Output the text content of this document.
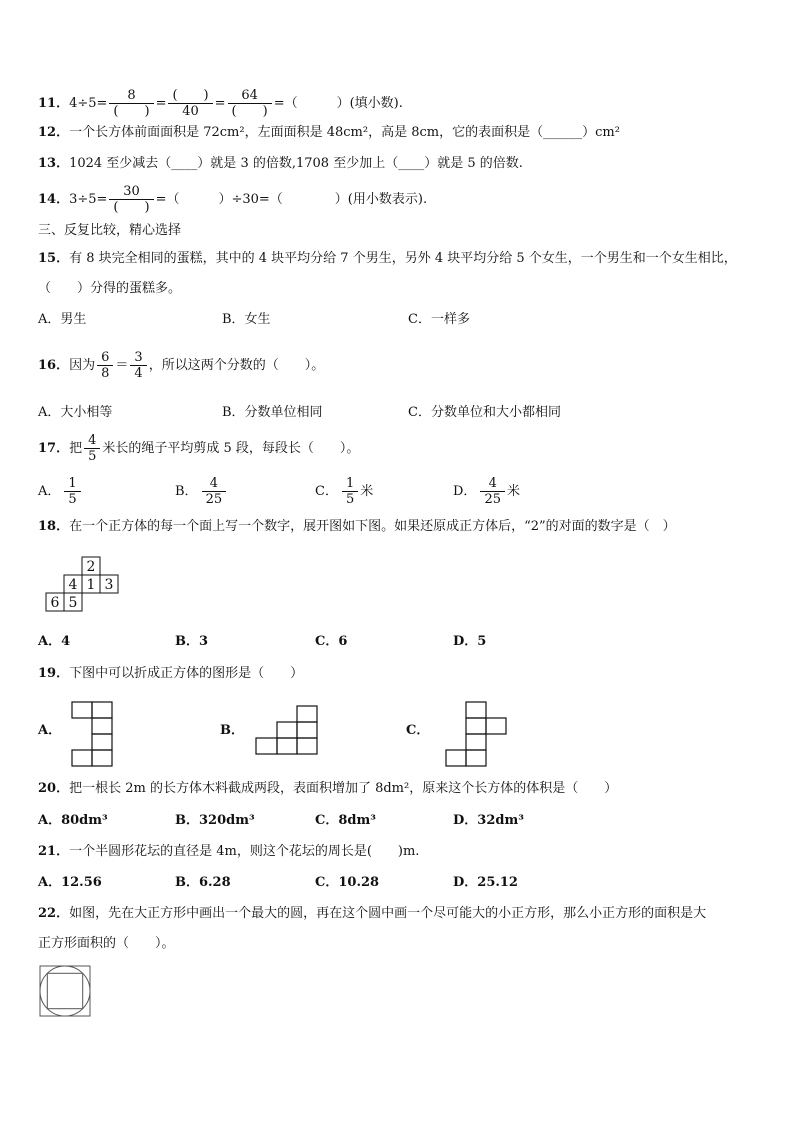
11．$4\div 5= \frac{8}{( )} = \frac{( )}{40} = \frac{64}{( )}$ =（　　　）(填小数).
12．一个长方体前面面积是 72cm²，左面面积是 48cm²，高是 8cm，它的表面积是（______）cm²
13．1024 至少减去（____）就是 3 的倍数,1708 至少加上（____）就是 5 的倍数.
14．$3\div 5= \frac{30}{( )}$ =（　　　）÷30=（　　　　）(用小数表示).
三、反复比较，精心选择
15．有 8 块完全相同的蛋糕，其中的 4 块平均分给 7 个男生，另外 4 块平均分给 5 个女生，一个男生和一个女生相比，
（　　）分得的蛋糕多。
A．男生	B．女生	C．一样多
16．因为 $\frac{6}{8} = \frac{3}{4}$ ，所以这两个分数的（　　）。
A．大小相等	B．分数单位相同	C．分数单位和大小都相同
17．把 $\frac{4}{5}$ 米长的绳子平均剪成 5 段，每段长（　　）。
A． $\frac{1}{5}$	B． $\frac{4}{25}$	C． $\frac{1}{5}$ 米	D． $\frac{4}{25}$ 米
18．在一个正方体的每一个面上写一个数字，展开图如下图。如果还原成正方体后，“2”的对面的数字是（　）
2
4 1 3
6 5
A．4	B．3	C．6	D．5
19．下图中可以折成正方体的图形是（　　）
A．	B．	C．
20．把一根长 2m 的长方体木料截成两段，表面积增加了 8dm²，原来这个长方体的体积是（　　）
A．80dm³	B．320dm³	C．8dm³	D．32dm³
21．一个半圆形花坛的直径是 4m，则这个花坛的周长是(　　)m.
A．12.56	B．6.28	C．10.28	D．25.12
22．如图，先在大正方形中画出一个最大的圆，再在这个圆中画一个尽可能大的小正方形，那么小正方形的面积是大
正方形面积的（　　）。
